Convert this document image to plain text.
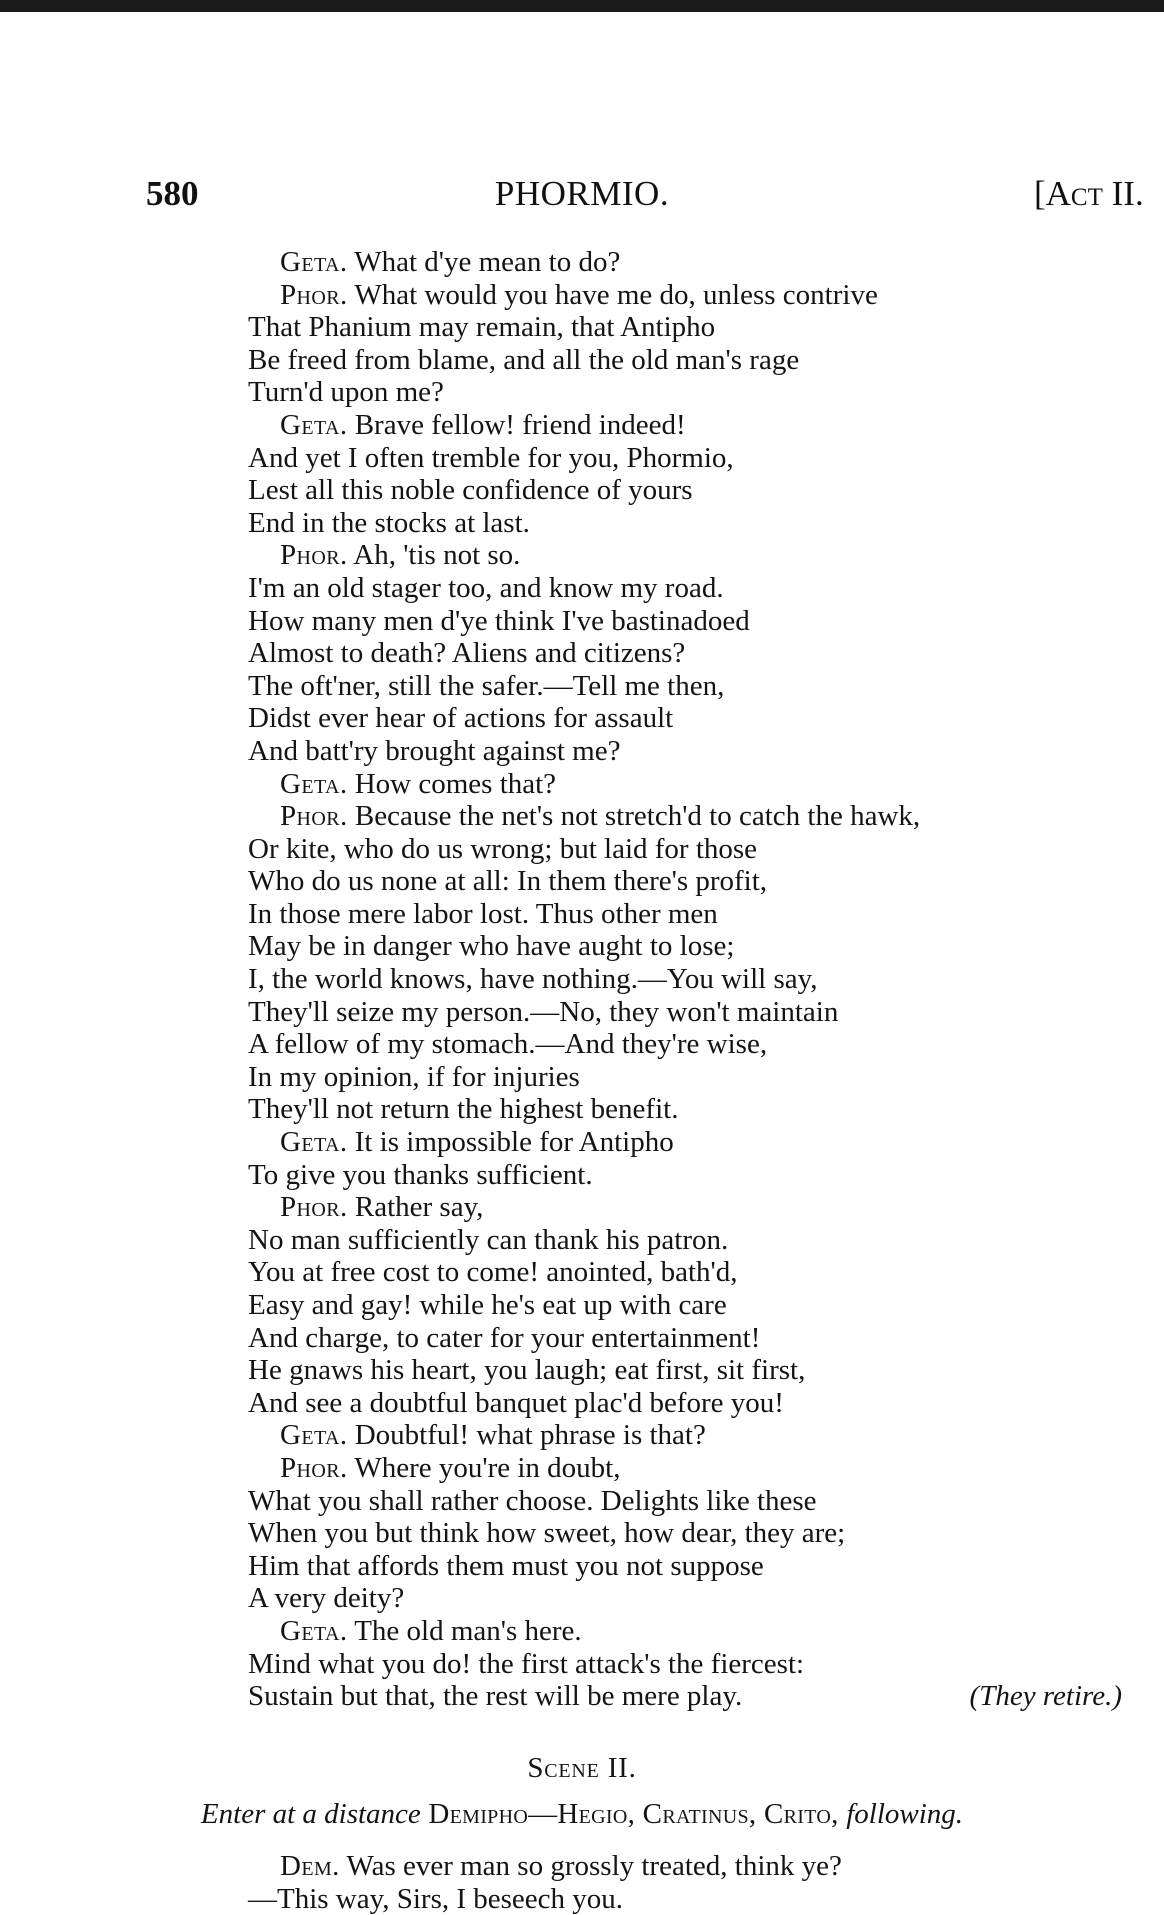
580	PHORMIO.	[Act II.
Geta. What d'ye mean to do?
Phor. What would you have me do, unless contrive
That Phanium may remain, that Antipho
Be freed from blame, and all the old man's rage
Turn'd upon me?
Geta. Brave fellow! friend indeed!
And yet I often tremble for you, Phormio,
Lest all this noble confidence of yours
End in the stocks at last.
Phor. Ah, 'tis not so.
I'm an old stager too, and know my road.
How many men d'ye think I've bastinadoed
Almost to death? Aliens and citizens?
The oft'ner, still the safer.—Tell me then,
Didst ever hear of actions for assault
And batt'ry brought against me?
Geta. How comes that?
Phor. Because the net's not stretch'd to catch the hawk,
Or kite, who do us wrong; but laid for those
Who do us none at all: In them there's profit,
In those mere labor lost. Thus other men
May be in danger who have aught to lose;
I, the world knows, have nothing.—You will say,
They'll seize my person.—No, they won't maintain
A fellow of my stomach.—And they're wise,
In my opinion, if for injuries
They'll not return the highest benefit.
Geta. It is impossible for Antipho
To give you thanks sufficient.
Phor. Rather say,
No man sufficiently can thank his patron.
You at free cost to come! anointed, bath'd,
Easy and gay! while he's eat up with care
And charge, to cater for your entertainment!
He gnaws his heart, you laugh; eat first, sit first,
And see a doubtful banquet plac'd before you!
Geta. Doubtful! what phrase is that?
Phor. Where you're in doubt,
What you shall rather choose. Delights like these
When you but think how sweet, how dear, they are;
Him that affords them must you not suppose
A very deity?
Geta. The old man's here.
Mind what you do! the first attack's the fiercest:
Sustain but that, the rest will be mere play.	(They retire.)
Scene II.
Enter at a distance Demipho—Hegio, Cratinus, Crito, following.
Dem. Was ever man so grossly treated, think ye?
—This way, Sirs, I beseech you.
